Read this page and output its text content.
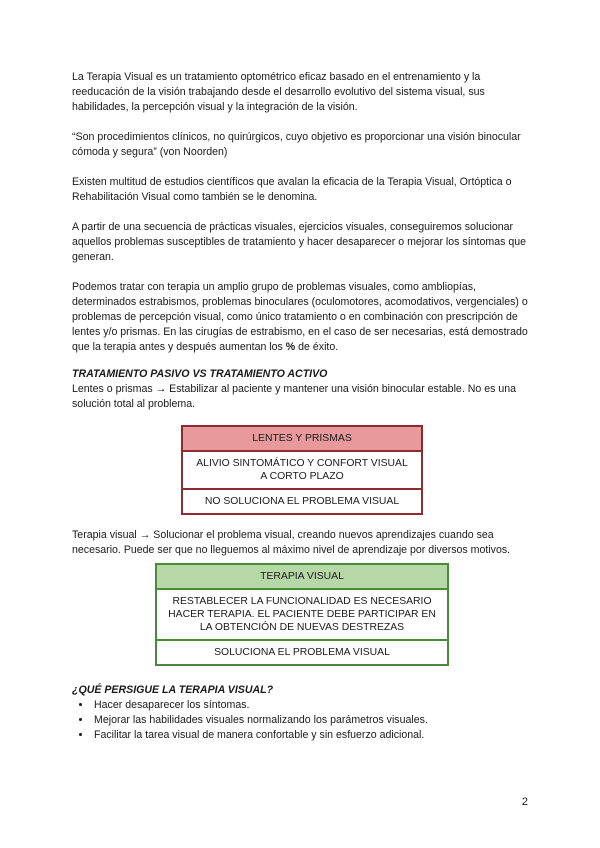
La Terapia Visual es un tratamiento optométrico eficaz basado en el entrenamiento y la reeducación de la visión trabajando desde el desarrollo evolutivo del sistema visual, sus habilidades, la percepción visual y la integración de la visión.

“Son procedimientos clínicos, no quirúrgicos, cuyo objetivo es proporcionar una visión binocular cómoda y segura” (von Noorden)

Existen multitud de estudios científicos que avalan la eficacia de la Terapia Visual, Ortóptica o Rehabilitación Visual como también se le denomina.

A partir de una secuencia de prácticas visuales, ejercicios visuales, conseguiremos solucionar aquellos problemas susceptibles de tratamiento y hacer desaparecer o mejorar los síntomas que generan.

Podemos tratar con terapia un amplio grupo de problemas visuales, como ambliopías, determinados estrabismos, problemas binoculares (oculomotores, acomodativos, vergenciales) o problemas de percepción visual, como único tratamiento o en combinación con prescripción de lentes y/o prismas. En las cirugías de estrabismo, en el caso de ser necesarias, está demostrado que la terapia antes y después aumentan los % de éxito.

TRATAMIENTO PASIVO VS TRATAMIENTO ACTIVO

Lentes o prismas → Estabilizar al paciente y mantener una visión binocular estable. No es una solución total al problema.

LENTES Y PRISMAS
ALIVIO SINTOMÁTICO Y CONFORT VISUAL A CORTO PLAZO
NO SOLUCIONA EL PROBLEMA VISUAL

Terapia visual → Solucionar el problema visual, creando nuevos aprendizajes cuando sea necesario. Puede ser que no lleguemos al máximo nivel de aprendizaje por diversos motivos.

TERAPIA VISUAL
RESTABLECER LA FUNCIONALIDAD ES NECESARIO HACER TERAPIA. EL PACIENTE DEBE PARTICIPAR EN LA OBTENCIÓN DE NUEVAS DESTREZAS
SOLUCIONA EL PROBLEMA VISUAL
¿QUÉ PERSIGUE LA TERAPIA VISUAL?
• Hacer desaparecer los síntomas.
• Mejorar las habilidades visuales normalizando los parámetros visuales.
• Facilitar la tarea visual de manera confortable y sin esfuerzo adicional.
2
